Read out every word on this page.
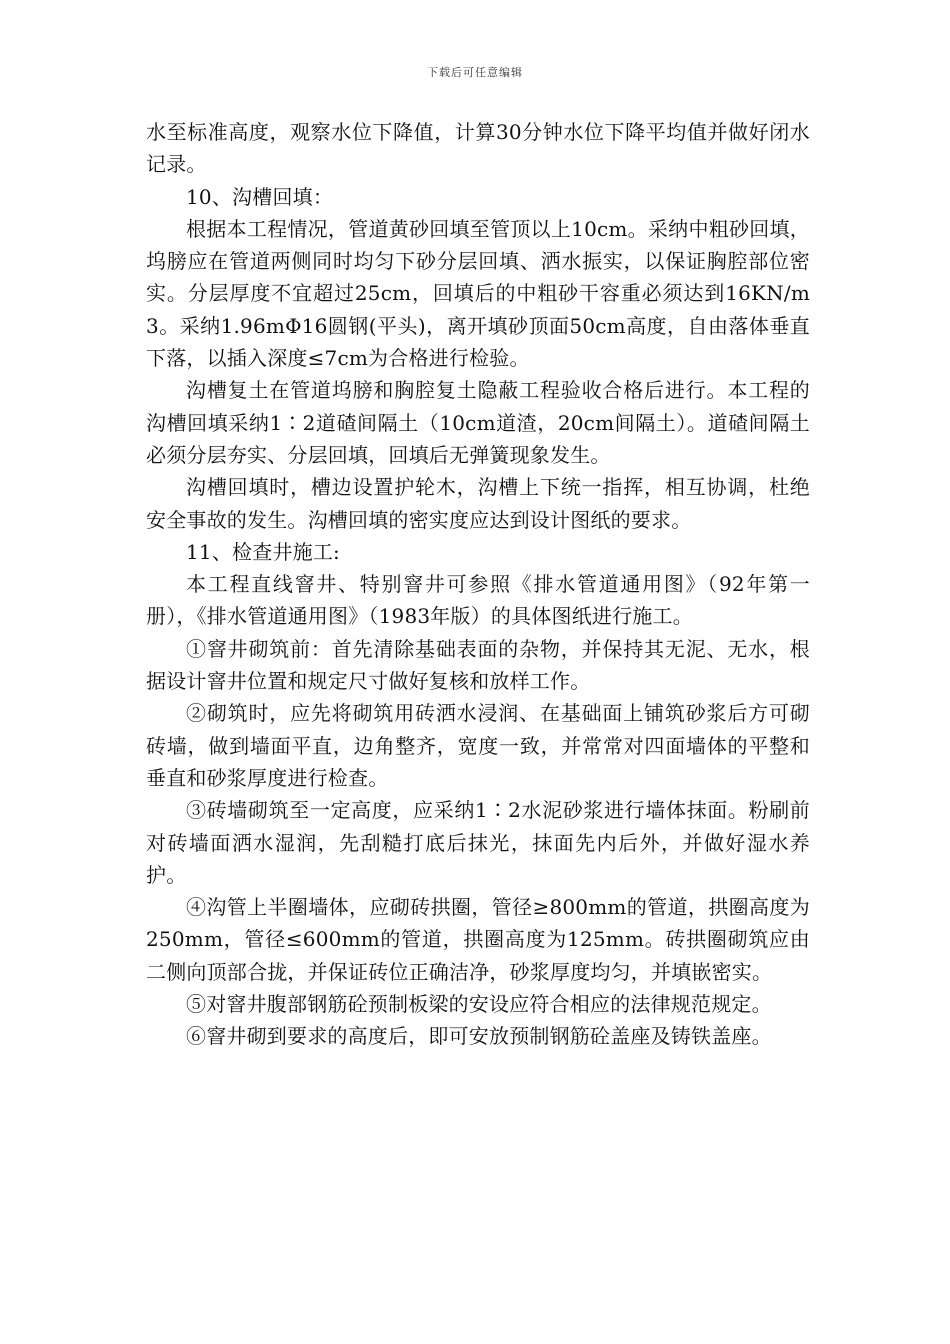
下载后可任意编辑

水至标准高度，观察水位下降值，计算30分钟水位下降平均值并做好闭水记录。

10、沟槽回填：

根据本工程情况，管道黄砂回填至管顶以上10cm。采纳中粗砂回填，坞膀应在管道两侧同时均匀下砂分层回填、洒水振实，以保证胸腔部位密实。分层厚度不宜超过25cm，回填后的中粗砂干容重必须达到16KN/m3。采纳1.96mΦ16圆钢(平头)，离开填砂顶面50cm高度，自由落体垂直下落，以插入深度≤7cm为合格进行检验。

沟槽复土在管道坞膀和胸腔复土隐蔽工程验收合格后进行。本工程的沟槽回填采纳1∶2道碴间隔土（10cm道渣，20cm间隔土）。道碴间隔土必须分层夯实、分层回填，回填后无弹簧现象发生。

沟槽回填时，槽边设置护轮木，沟槽上下统一指挥，相互协调，杜绝安全事故的发生。沟槽回填的密实度应达到设计图纸的要求。

11、检查井施工:

本工程直线窨井、特别窨井可参照《排水管道通用图》（92年第一册），《排水管道通用图》（1983年版）的具体图纸进行施工。

①窨井砌筑前：首先清除基础表面的杂物，并保持其无泥、无水，根据设计窨井位置和规定尺寸做好复核和放样工作。

②砌筑时，应先将砌筑用砖洒水浸润、在基础面上铺筑砂浆后方可砌砖墙，做到墙面平直，边角整齐，宽度一致，并常常对四面墙体的平整和垂直和砂浆厚度进行检查。

③砖墙砌筑至一定高度，应采纳1∶2水泥砂浆进行墙体抹面。粉刷前对砖墙面洒水湿润，先刮糙打底后抹光，抹面先内后外，并做好湿水养护。

④沟管上半圈墙体，应砌砖拱圈，管径≥800mm的管道，拱圈高度为250mm，管径≤600mm的管道，拱圈高度为125mm。砖拱圈砌筑应由二侧向顶部合拢，并保证砖位正确洁净，砂浆厚度均匀，并填嵌密实。

⑤对窨井腹部钢筋砼预制板梁的安设应符合相应的法律规范规定。

⑥窨井砌到要求的高度后，即可安放预制钢筋砼盖座及铸铁盖座。
